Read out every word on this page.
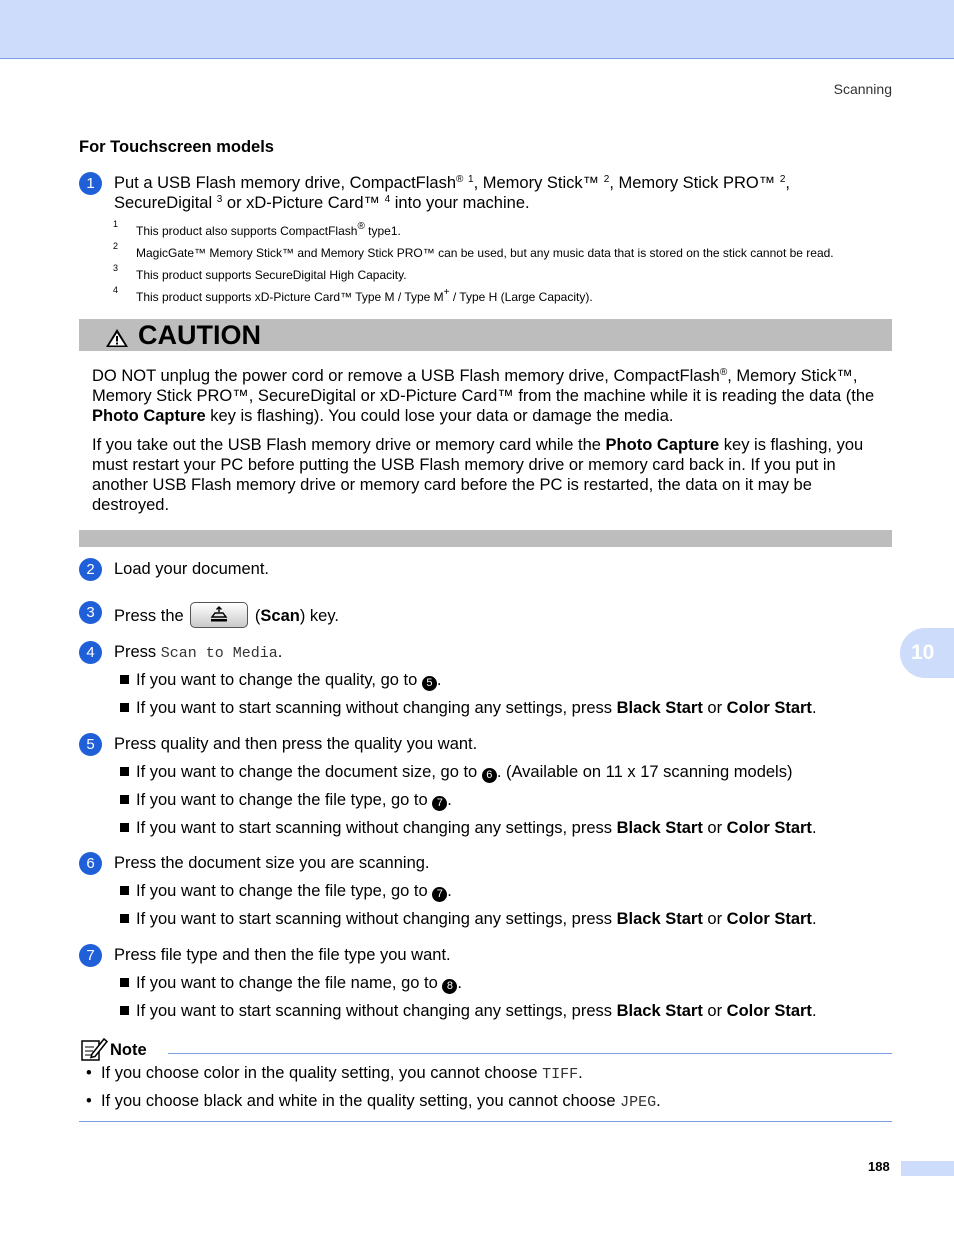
Scanning
For Touchscreen models
1	Put a USB Flash memory drive, CompactFlash® $^1$, Memory Stick™ $^2$, Memory Stick PRO™ $^2$,
SecureDigital $^3$ or xD-Picture Card™ $^4$ into your machine.
1 This product also supports CompactFlash® type1.
2 MagicGate™ Memory Stick™ and Memory Stick PRO™ can be used, but any music data that is stored on the stick cannot be read.
3 This product supports SecureDigital High Capacity.
4 This product supports xD-Picture Card™ Type M / Type M+ / Type H (Large Capacity).
CAUTION
DO NOT unplug the power cord or remove a USB Flash memory drive, CompactFlash®, Memory Stick™,
Memory Stick PRO™, SecureDigital or xD-Picture Card™ from the machine while it is reading the data (the
Photo Capture key is flashing). You could lose your data or damage the media.
If you take out the USB Flash memory drive or memory card while the Photo Capture key is flashing, you
must restart your PC before putting the USB Flash memory drive or memory card back in. If you put in
another USB Flash memory drive or memory card before the PC is restarted, the data on it may be
destroyed.
2	Load your document.
3	Press the	(Scan) key.
4	Press Scan to Media.
If you want to change the quality, go to 5 .
If you want to start scanning without changing any settings, press Black Start or Color Start.
5	Press quality and then press the quality you want.
If you want to change the document size, go to 6 . (Available on 11 x 17 scanning models)
If you want to change the file type, go to 7 .
If you want to start scanning without changing any settings, press Black Start or Color Start.
6	Press the document size you are scanning.
If you want to change the file type, go to 7 .
If you want to start scanning without changing any settings, press Black Start or Color Start.
7	Press file type and then the file type you want.
If you want to change the file name, go to 8 .
If you want to start scanning without changing any settings, press Black Start or Color Start.
10
Note
• If you choose color in the quality setting, you cannot choose TIFF.
• If you choose black and white in the quality setting, you cannot choose JPEG.
188
